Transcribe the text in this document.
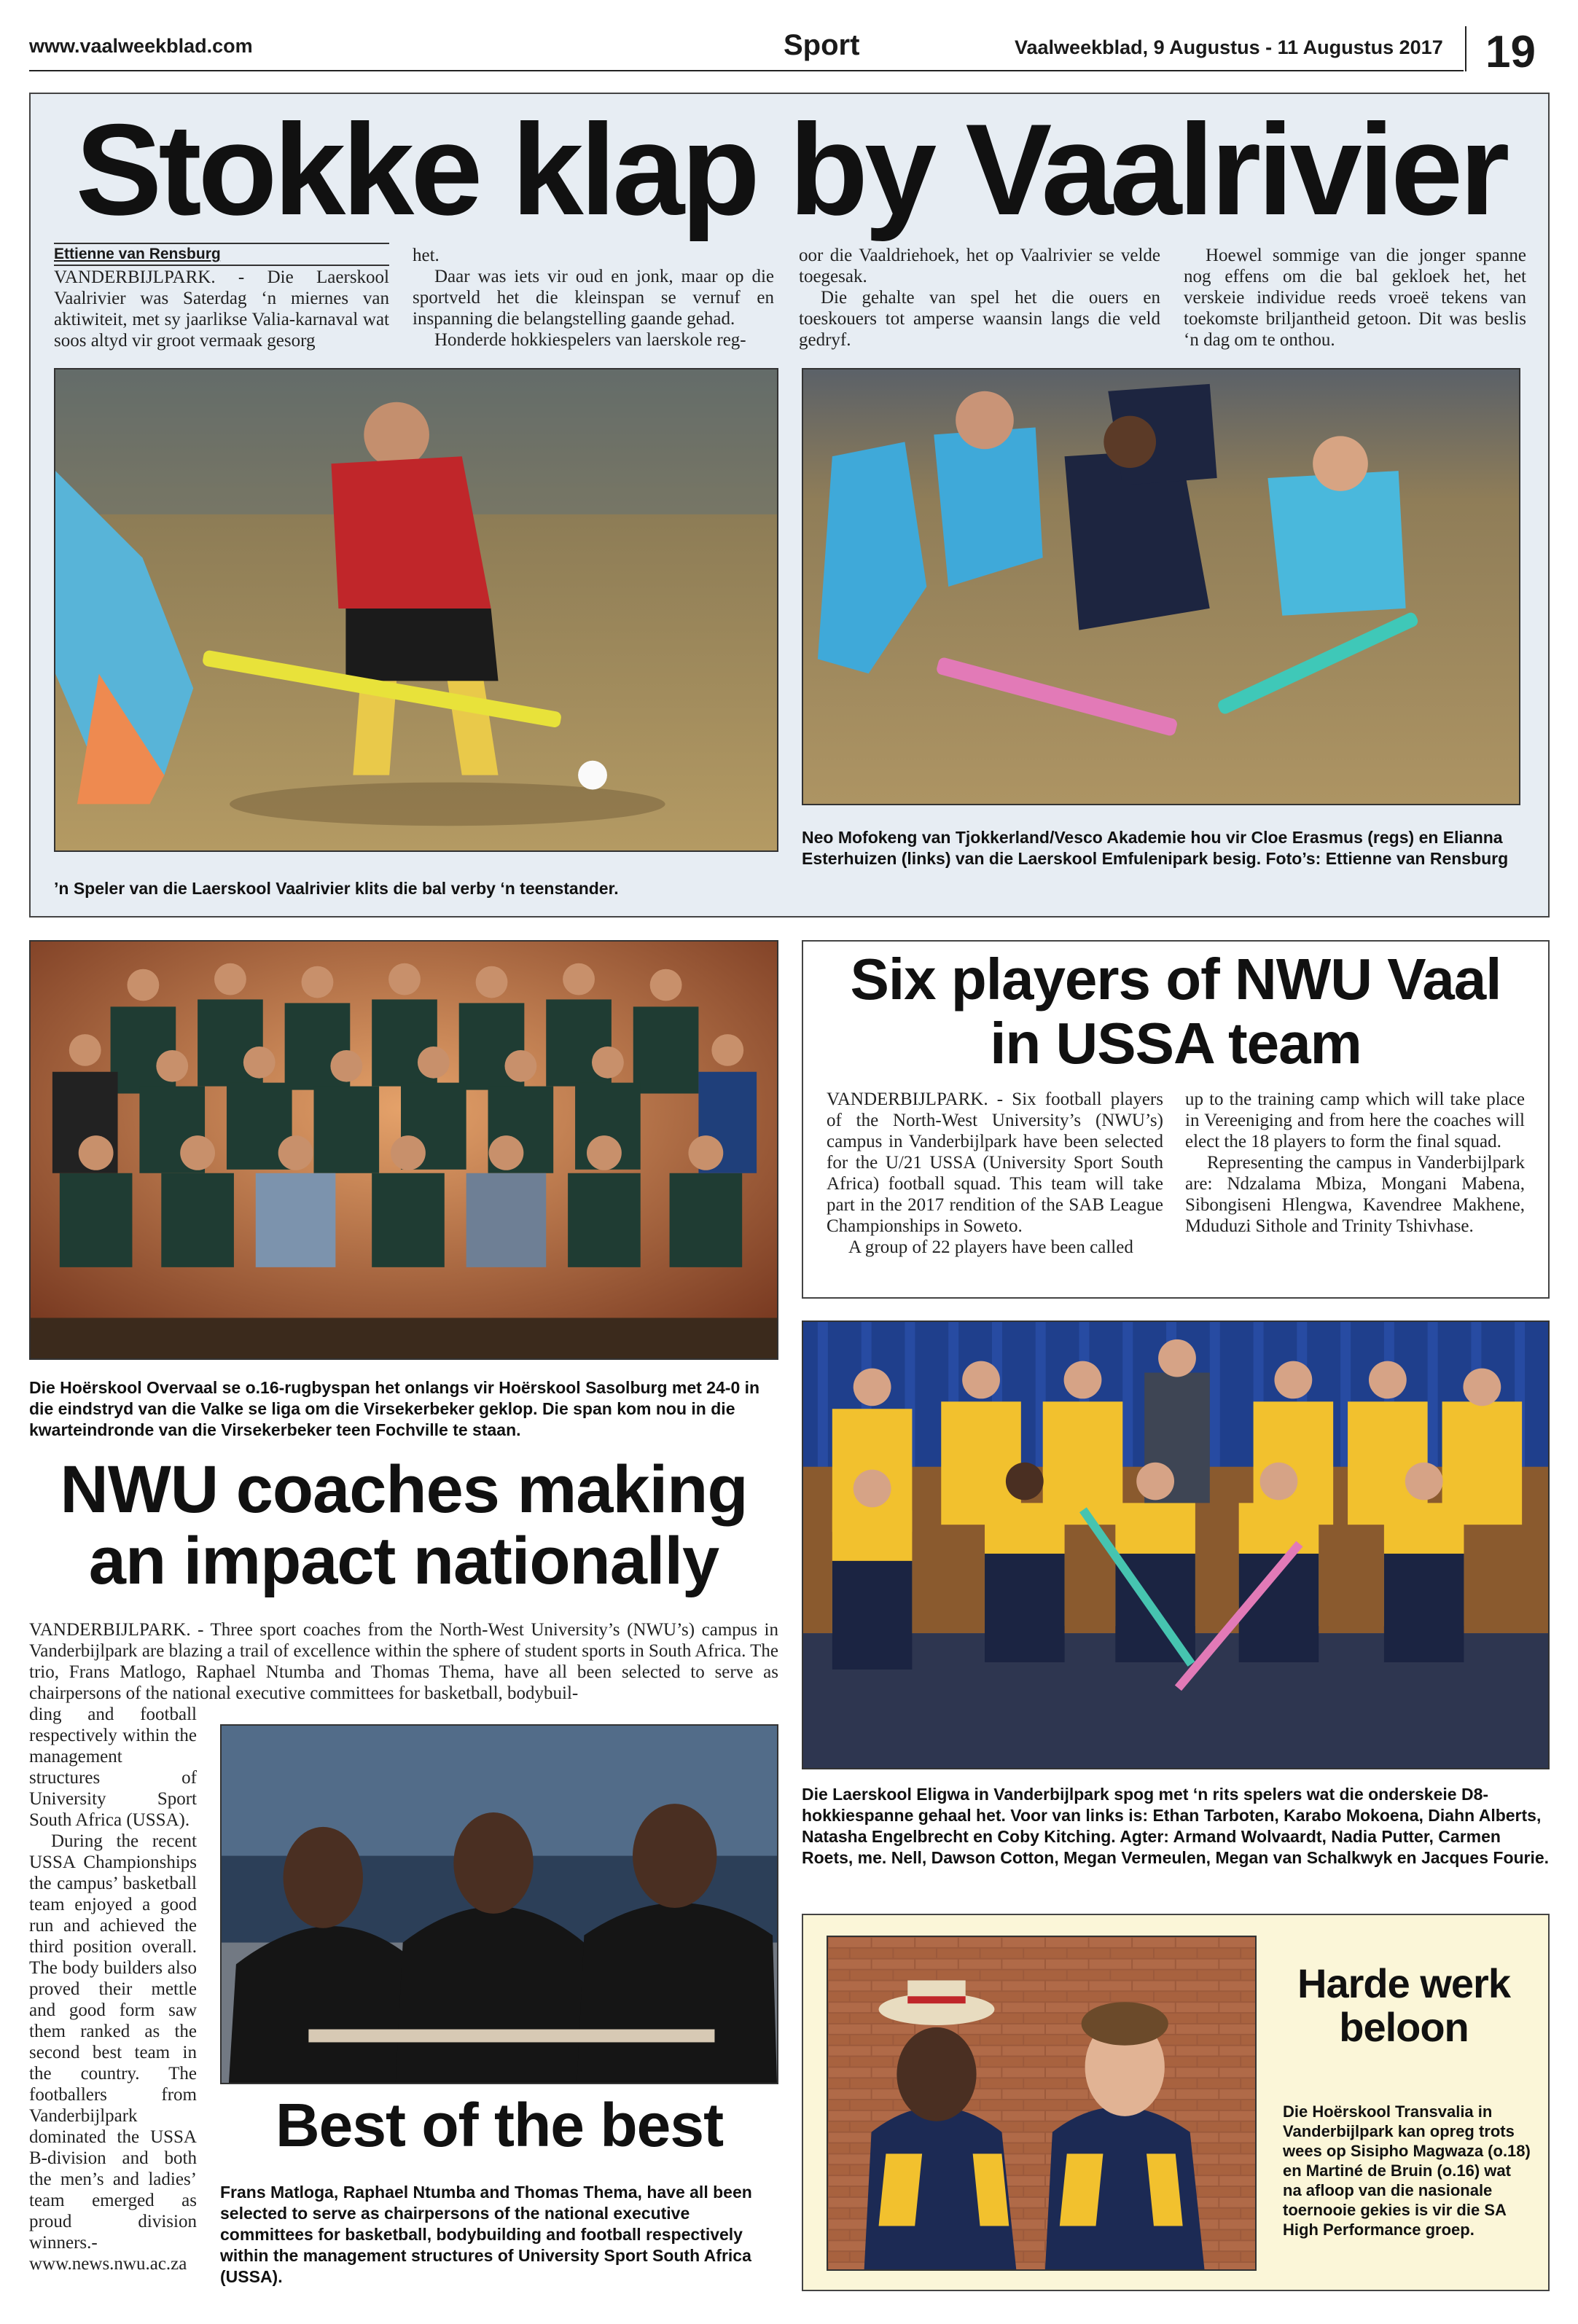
www.vaalweekblad.com	Sport	Vaalweekblad, 9 Augustus - 11 Augustus 2017 19
Stokke klap by Vaalrivier
Ettienne van Rensburg

VANDERBIJLPARK. - Die Laerskool Vaalrivier was Saterdag ‘n miernes van aktiwiteit, met sy jaarlikse Valia-karnaval wat soos altyd vir groot vermaak gesorg

het.

Daar was iets vir oud en jonk, maar op die sportveld het die kleinspan se vernuf en inspanning die belangstelling gaande gehad.

Honderde hokkiespelers van laerskole reg-

oor die Vaaldriehoek, het op Vaalrivier se velde toegesak.

Die gehalte van spel het die ouers en toeskouers tot amperse waansin langs die veld gedryf.

Hoewel sommige van die jonger spanne nog effens om die bal gekloek het, het verskeie individue reeds vroeë tekens van toekomste briljantheid getoon. Dit was beslis ‘n dag om te onthou.

’n Speler van die Laerskool Vaalrivier klits die bal verby ‘n teenstander.
Neo Mofokeng van Tjokkerland/Vesco Akademie hou vir Cloe Erasmus (regs) en Elianna Esterhuizen (links) van die Laerskool Emfulenipark besig. Foto’s: Ettienne van Rensburg
Die Hoërskool Overvaal se o.16-rugbyspan het onlangs vir Hoërskool Sasolburg met 24-0 in die eindstryd van die Valke se liga om die Virsekerbeker geklop. Die span kom nou in die kwarteindronde van die Virsekerbeker teen Fochville te staan.
Six players of NWU Vaal
in USSA team

VANDERBIJLPARK. - Six football players of the North-West University’s (NWU’s) campus in Vanderbijlpark have been selected for the U/21 USSA (University Sport South Africa) football squad. This team will take part in the 2017 rendition of the SAB League Championships in Soweto.

A group of 22 players have been called

up to the training camp which will take place in Vereeniging and from here the coaches will elect the 18 players to form the final squad.

Representing the campus in Vanderbijlpark are: Ndzalama Mbiza, Mongani Mabena, Sibongiseni Hlengwa, Kavendree Makhene, Mduduzi Sithole and Trinity Tshivhase.

NWU coaches making
an impact nationally

VANDERBIJLPARK. - Three sport coaches from the North-West University’s (NWU’s) campus in Vanderbijlpark are blazing a trail of excellence within the sphere of student sports in South Africa. The trio, Frans Matlogo, Raphael Ntumba and Thomas Thema, have all been selected to serve as chairpersons of the national executive committees for basketball, bodybuil-

ding and football respectively within the management structures of University Sport South Africa (USSA).

During the recent USSA Championships the campus’ basketball team enjoyed a good run and achieved the third position overall. The body builders also proved their mettle and good form saw them ranked as the second best team in the country. The footballers from Vanderbijlpark dominated the USSA B-division and both the men’s and ladies’ team emerged as proud division winners.-www.news.nwu.ac.za

Best of the best
Frans Matloga, Raphael Ntumba and Thomas Thema, have all been selected to serve as chairpersons of the national executive committees for basketball, bodybuilding and football respectively within the management structures of University Sport South Africa (USSA).
Die Laerskool Eligwa in Vanderbijlpark spog met ‘n rits spelers wat die onderskeie D8-hokkiespanne gehaal het. Voor van links is: Ethan Tarboten, Karabo Mokoena, Diahn Alberts, Natasha Engelbrecht en Coby Kitching. Agter: Armand Wolvaardt, Nadia Putter, Carmen Roets, me. Nell, Dawson Cotton, Megan Vermeulen, Megan van Schalkwyk en Jacques Fourie.
Harde werk
beloon
Die Hoërskool Transvalia in Vanderbijlpark kan opreg trots wees op Sisipho Magwaza (o.18) en Martiné de Bruin (o.16) wat na afloop van die nasionale toernooie gekies is vir die SA High Performance groep.
